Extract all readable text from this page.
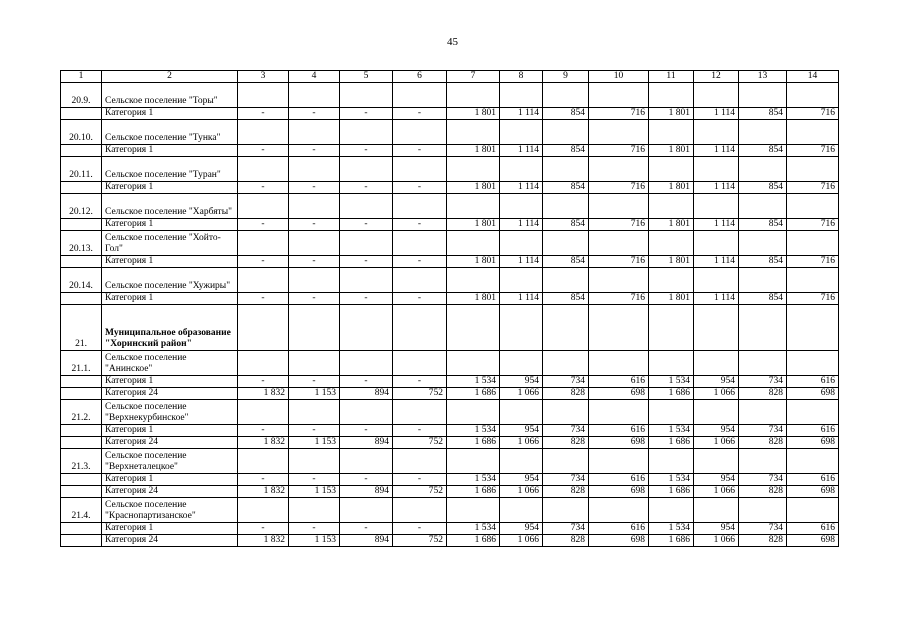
45
1	2	3	4	5	6	7	8	9	10	11	12	13	14
20.9.	Сельское поселение "Торы"												
	Категория 1	-	-	-	-	1 801	1 114	854	716	1 801	1 114	854	716
20.10.	Сельское поселение "Тунка"												
	Категория 1	-	-	-	-	1 801	1 114	854	716	1 801	1 114	854	716
20.11.	Сельское поселение "Туран"												
	Категория 1	-	-	-	-	1 801	1 114	854	716	1 801	1 114	854	716
20.12.	Сельское поселение "Харбяты"												
	Категория 1	-	-	-	-	1 801	1 114	854	716	1 801	1 114	854	716
20.13.	Сельское поселение "Хойто-Гол"												
	Категория 1	-	-	-	-	1 801	1 114	854	716	1 801	1 114	854	716
20.14.	Сельское поселение "Хужиры"												
	Категория 1	-	-	-	-	1 801	1 114	854	716	1 801	1 114	854	716
21.	Муниципальное образование "Хоринский район"												
21.1.	Сельское поселение "Анинское"												
	Категория 1	-	-	-	-	1 534	954	734	616	1 534	954	734	616
	Категория 24	1 832	1 153	894	752	1 686	1 066	828	698	1 686	1 066	828	698
21.2.	Сельское поселение "Верхнекурбинское"												
	Категория 1	-	-	-	-	1 534	954	734	616	1 534	954	734	616
	Категория 24	1 832	1 153	894	752	1 686	1 066	828	698	1 686	1 066	828	698
21.3.	Сельское поселение "Верхнеталецкое"												
	Категория 1	-	-	-	-	1 534	954	734	616	1 534	954	734	616
	Категория 24	1 832	1 153	894	752	1 686	1 066	828	698	1 686	1 066	828	698
21.4.	Сельское поселение "Краснопартизанское"												
	Категория 1	-	-	-	-	1 534	954	734	616	1 534	954	734	616
	Категория 24	1 832	1 153	894	752	1 686	1 066	828	698	1 686	1 066	828	698
